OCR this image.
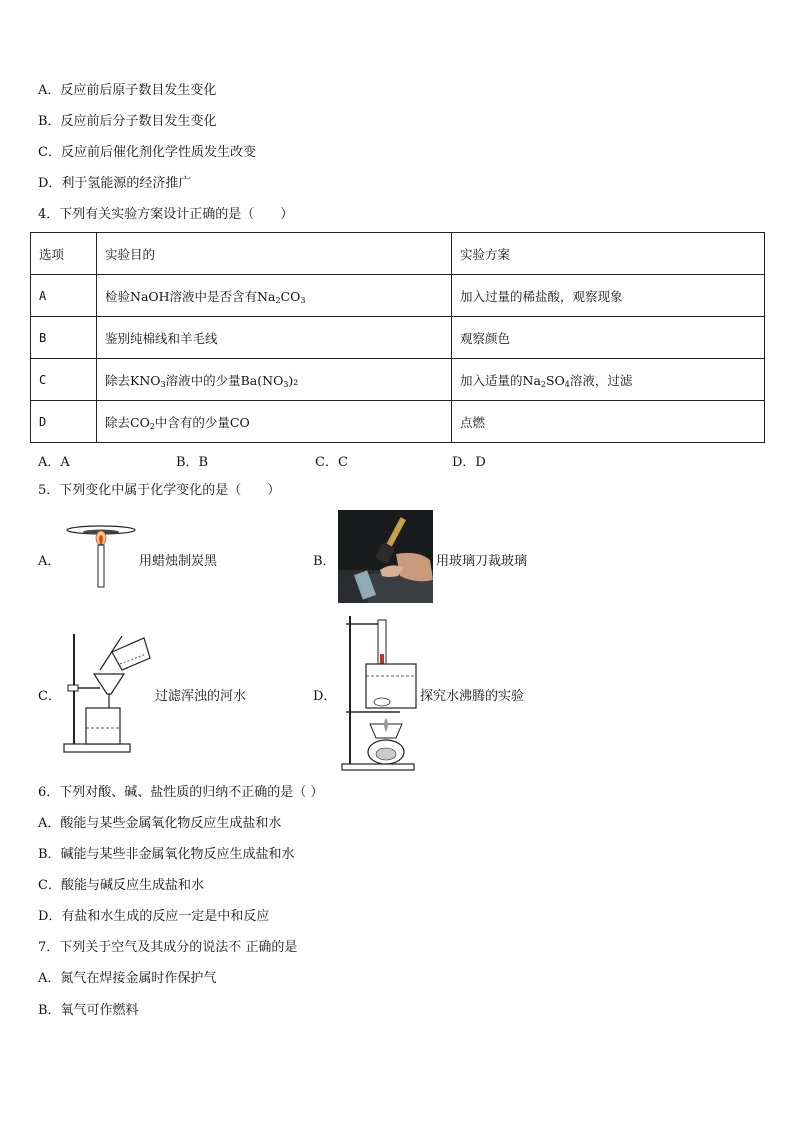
A．反应前后原子数目发生变化
B．反应前后分子数目发生变化
C．反应前后催化剂化学性质发生改变
D．利于氢能源的经济推广
4．下列有关实验方案设计正确的是（　　）
选项	实验目的	实验方案
A	检验NaOH溶液中是否含有$Na_2CO_3$	加入过量的稀盐酸，观察现象
B	鉴别纯棉线和羊毛线	观察颜色
C	除去$KNO_3$溶液中的少量$Ba(NO_3)_2$	加入适量的$Na_2SO_4$溶液，过滤
D	除去$CO_2$中含有的少量CO	点燃
A．A	B．B	C．C	D．D
5．下列变化中属于化学变化的是（　　）
A．	用蜡烛制炭黑	B．	用玻璃刀裁玻璃
C．	过滤浑浊的河水	D．	探究水沸腾的实验
6．下列对酸、碱、盐性质的归纳不正确的是（ ）
A．酸能与某些金属氧化物反应生成盐和水
B．碱能与某些非金属氧化物反应生成盐和水
C．酸能与碱反应生成盐和水
D．有盐和水生成的反应一定是中和反应
7．下列关于空气及其成分的说法不 正确的是
A．氮气在焊接金属时作保护气
B．氧气可作燃料
